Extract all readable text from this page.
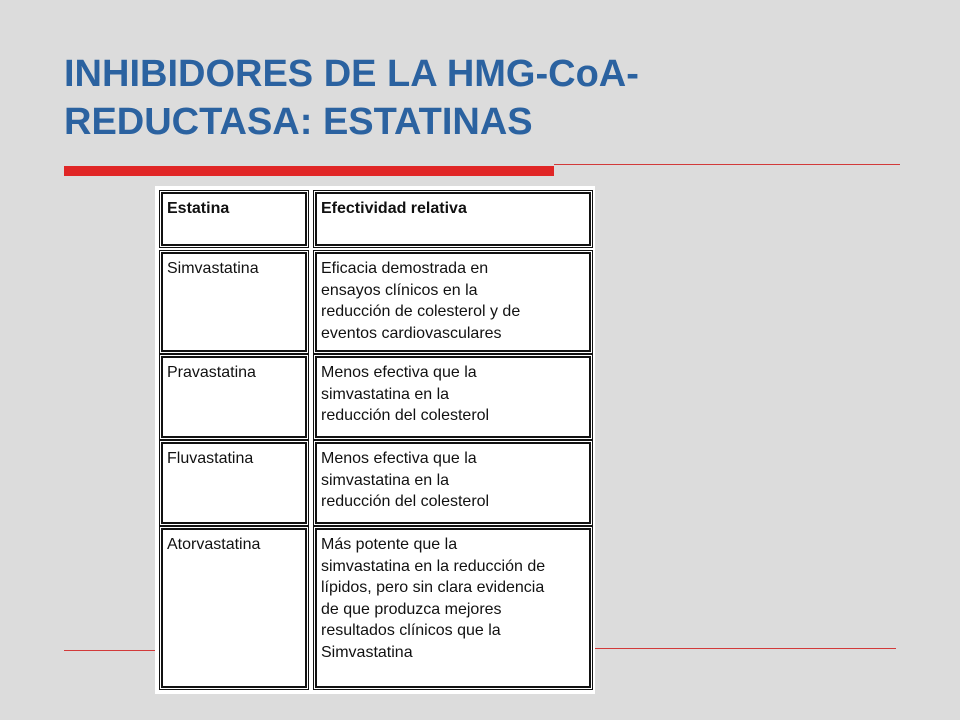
INHIBIDORES DE LA HMG-CoA-
REDUCTASA: ESTATINAS
Estatina	Efectividad relativa
Simvastatina	Eficacia demostrada en
ensayos clínicos en la
reducción de colesterol y de
eventos cardiovasculares
Pravastatina	Menos efectiva que la
simvastatina en la
reducción del colesterol
Fluvastatina	Menos efectiva que la
simvastatina en la
reducción del colesterol
Atorvastatina	Más potente que la
simvastatina en la reducción de
lípidos, pero sin clara evidencia
de que produzca mejores
resultados clínicos que la
Simvastatina
